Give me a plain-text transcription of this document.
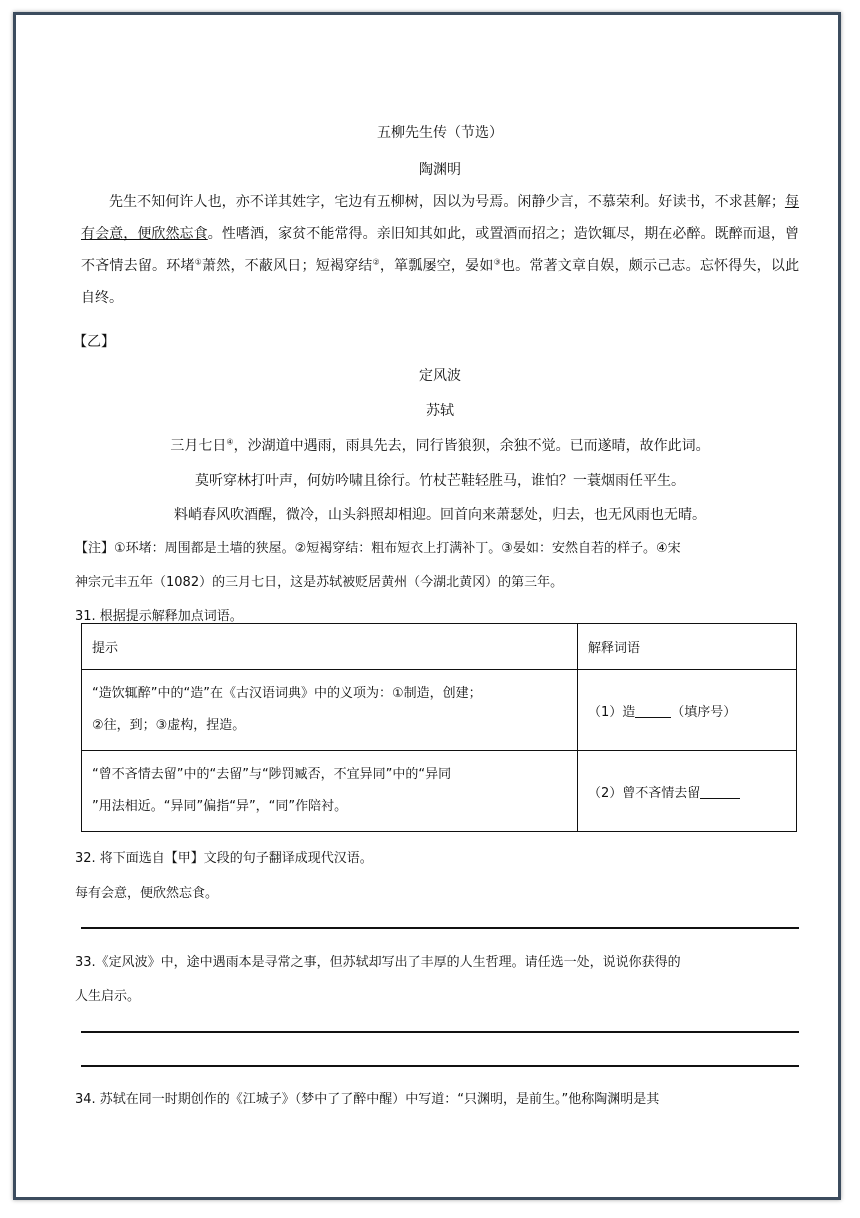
五柳先生传（节选）
陶渊明
先生不知何许人也，亦不详其姓字，宅边有五柳树，因以为号焉。闲静少言，不慕荣利。好读书，不求甚解；每有会意，便欣然忘食。性嗜酒，家贫不能常得。亲旧知其如此，或置酒而招之；造饮辄尽，期在必醉。既醉而退，曾不吝情去留。环堵①萧然，不蔽风日；短褐穿结②，箪瓢屡空，晏如③也。常著文章自娱，颇示己志。忘怀得失，以此自终。
【乙】
定风波
苏轼
三月七日④，沙湖道中遇雨，雨具先去，同行皆狼狈，余独不觉。已而遂晴，故作此词。
莫听穿林打叶声，何妨吟啸且徐行。竹杖芒鞋轻胜马，谁怕？一蓑烟雨任平生。
料峭春风吹酒醒，微冷，山头斜照却相迎。回首向来萧瑟处，归去，也无风雨也无晴。
【注】①环堵：周围都是土墙的狭屋。②短褐穿结：粗布短衣上打满补丁。③晏如：安然自若的样子。④宋
神宗元丰五年（1082）的三月七日，这是苏轼被贬居黄州（今湖北黄冈）的第三年。
31. 根据提示解释加点词语。
提示	解释词语
“造饮辄醉”中的“造”在《古汉语词典》中的义项为：①制造，创建；
②往，到；③虚构，捏造。	（1）造 （填序号）
“曾不吝情去留”中的“去留”与“陟罚臧否，不宜异同”中的“异同
”用法相近。“异同”偏指“异”，“同”作陪衬。	（2）曾不吝情去留
32. 将下面选自【甲】文段的句子翻译成现代汉语。
每有会意，便欣然忘食。
33.《定风波》中，途中遇雨本是寻常之事，但苏轼却写出了丰厚的人生哲理。请任选一处，说说你获得的
人生启示。
34. 苏轼在同一时期创作的《江城子》（梦中了了醉中醒）中写道：“只渊明，是前生。”他称陶渊明是其
